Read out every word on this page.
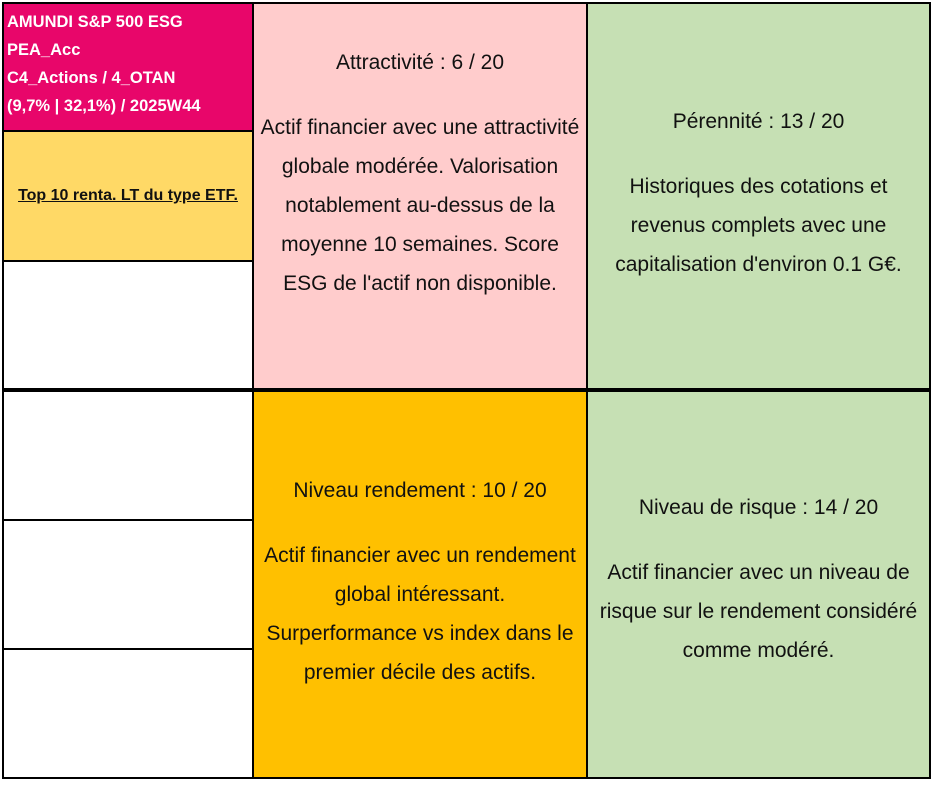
AMUNDI S&P 500 ESG
PEA_Acc
C4_Actions / 4_OTAN
(9,7% | 32,1%) / 2025W44
Top 10 renta. LT du type ETF.
Attractivité : 6 / 20
Actif financier avec une attractivité globale modérée. Valorisation notablement au-dessus de la moyenne 10 semaines. Score ESG de l'actif non disponible.
Pérennité : 13 / 20
Historiques des cotations et revenus complets avec une capitalisation d'environ 0.1 G€.
Niveau rendement : 10 / 20
Actif financier avec un rendement global intéressant. Surperformance vs index dans le premier décile des actifs.
Niveau de risque : 14 / 20
Actif financier avec un niveau de risque sur le rendement considéré comme modéré.
